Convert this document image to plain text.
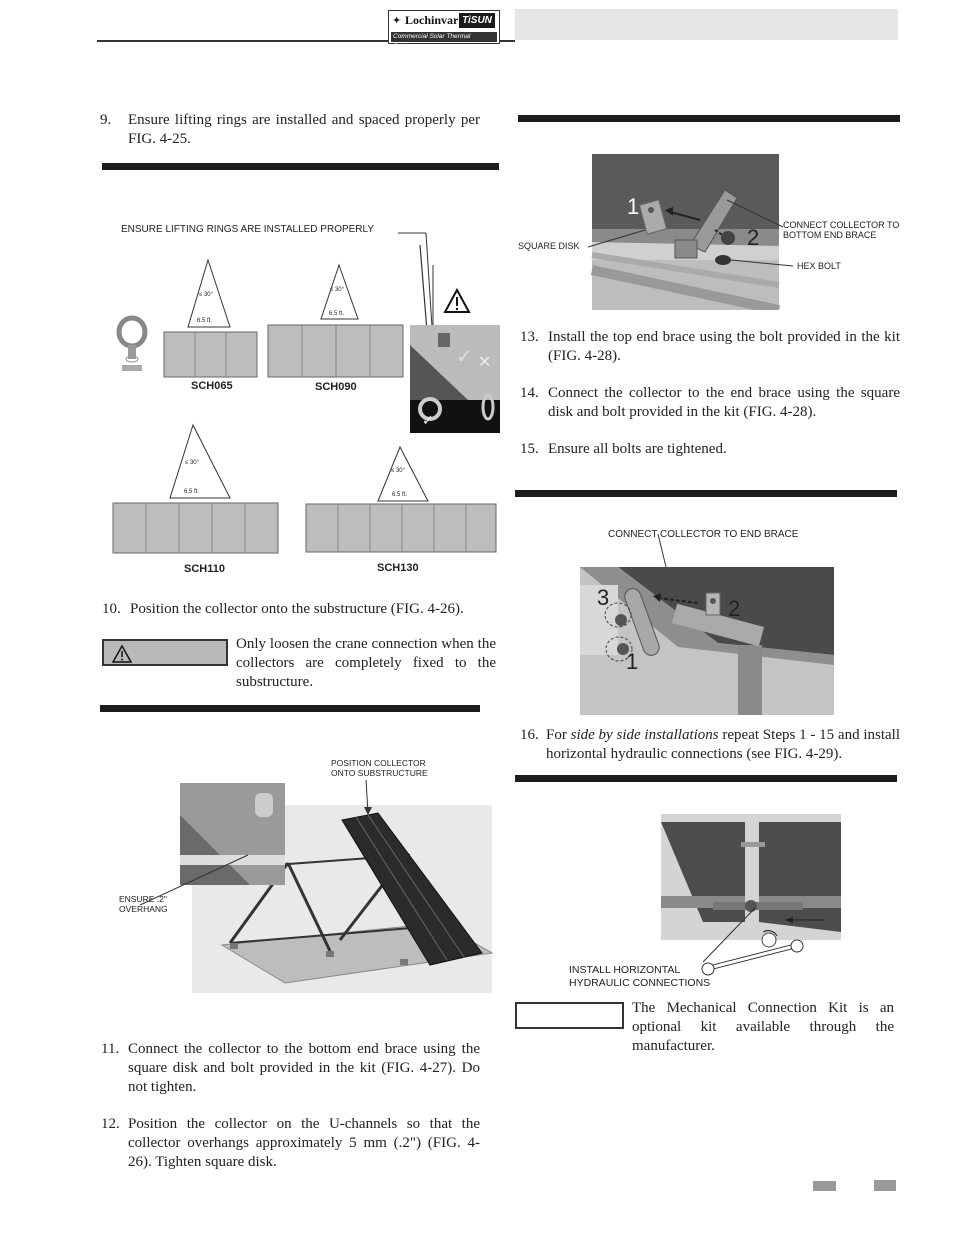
✦ Lochinvar TiSUN
Commercial Solar Thermal Systems
9. Ensure lifting rings are installed and spaced properly per FIG. 4-25.
✓ ✕
✓
ENSURE LIFTING RINGS ARE INSTALLED PROPERLY
≤ 30°
6.5 ft.
≤ 30°
6.5 ft.
≤ 30°
6.5 ft.
≤ 30°
6.5 ft.
SCH065	SCH090
SCH110	SCH130
10. Position the collector onto the substructure (FIG. 4-26).
Only loosen the crane connection when the collectors are completely fixed to the substructure.
POSITION COLLECTOR ONTO SUBSTRUCTURE
ENSURE .2" OVERHANG
11. Connect the collector to the bottom end brace using the square disk and bolt provided in the kit (FIG. 4-27). Do not tighten.
12. Position the collector on the U-channels so that the collector overhangs approximately 5 mm (.2") (FIG. 4-26). Tighten square disk.
1
2
SQUARE DISK
CONNECT COLLECTOR TO BOTTOM END BRACE
HEX BOLT
13. Install the top end brace using the bolt provided in the kit (FIG. 4-28).
14. Connect the collector to the end brace using the square disk and bolt provided in the kit (FIG. 4-28).
15. Ensure all bolts are tightened.
3	2
1
CONNECT COLLECTOR TO END BRACE
16. For side by side installations repeat Steps 1 - 15 and install horizontal hydraulic connections (see FIG. 4-29).
INSTALL HORIZONTAL HYDRAULIC CONNECTIONS
The Mechanical Connection Kit is an optional kit available through the manufacturer.
